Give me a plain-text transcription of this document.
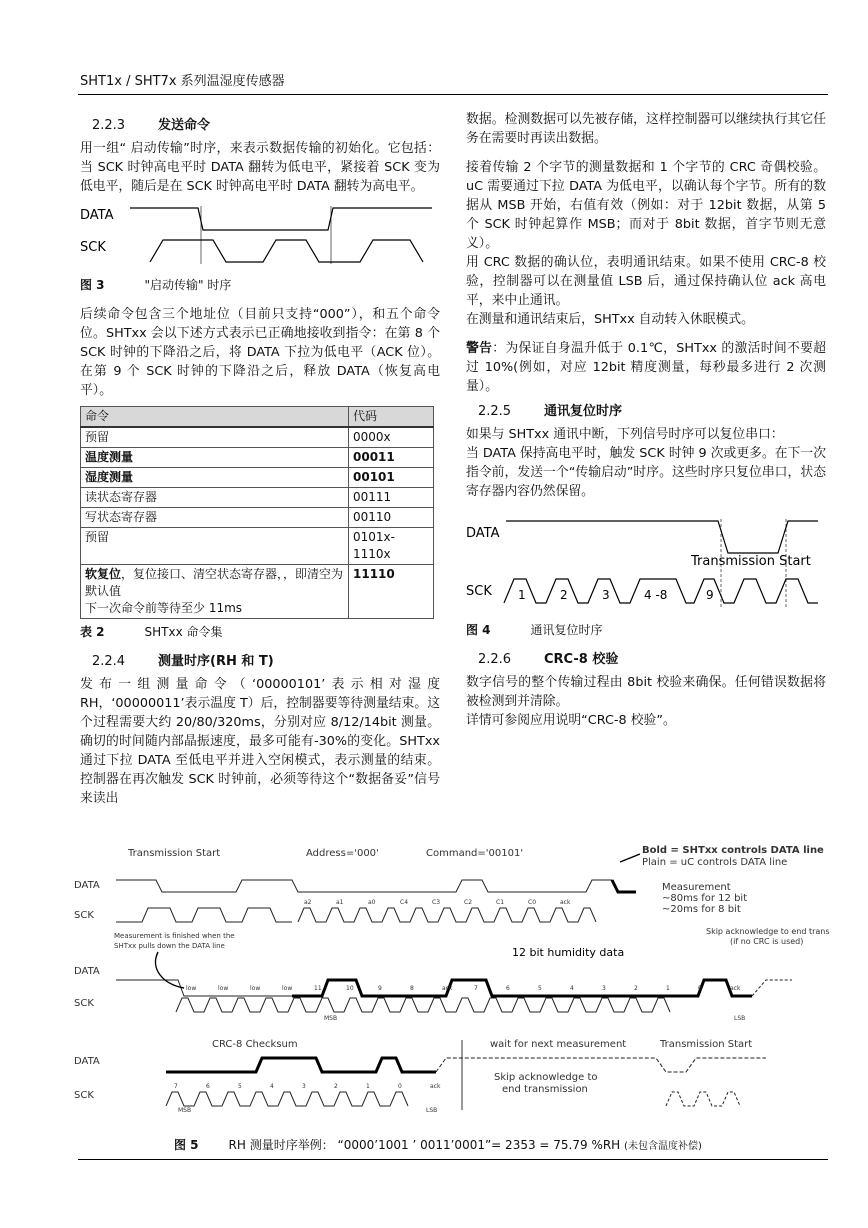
SHT1x / SHT7x 系列温湿度传感器
2.2.3	发送命令

用一组“ 启动传输”时序，来表示数据传输的初始化。它包括：当 SCK 时钟高电平时 DATA 翻转为低电平，紧接着 SCK 变为低电平，随后是在 SCK 时钟高电平时 DATA 翻转为高电平。

DATA
SCK
图 3	"启动传输" 时序

后续命令包含三个地址位（目前只支持“000”），和五个命令位。SHTxx 会以下述方式表示已正确地接收到指令：在第 8 个 SCK 时钟的下降沿之后，将 DATA 下拉为低电平（ACK 位）。在第 9 个 SCK 时钟的下降沿之后，释放 DATA（恢复高电平）。

命令	代码
预留	0000x
温度测量	00011
湿度测量	00101
读状态寄存器	00111
写状态寄存器	00110
预留	0101x-1110x
软复位，复位接口、清空状态寄存器，，即清空为默认值
下一次命令前等待至少 11ms	11110
表 2	SHTxx 命令集
2.2.4	测量时序(RH 和 T)

发布一组测量命令（‘00000101’表示相对湿度 RH，‘00000011’表示温度 T）后，控制器要等待测量结束。这个过程需要大约 20/80/320ms，分别对应 8/12/14bit 测量。确切的时间随内部晶振速度，最多可能有-30%的变化。SHTxx 通过下拉 DATA 至低电平并进入空闲模式，表示测量的结束。控制器在再次触发 SCK 时钟前，必须等待这个“数据备妥”信号来读出

数据。检测数据可以先被存储，这样控制器可以继续执行其它任务在需要时再读出数据。

接着传输 2 个字节的测量数据和 1 个字节的 CRC 奇偶校验。uC 需要通过下拉 DATA 为低电平，以确认每个字节。所有的数据从 MSB 开始，右值有效（例如：对于 12bit 数据，从第 5 个 SCK 时钟起算作 MSB；而对于 8bit 数据，首字节则无意义）。

用 CRC 数据的确认位，表明通讯结束。如果不使用 CRC-8 校验，控制器可以在测量值 LSB 后，通过保持确认位 ack 高电平，来中止通讯。

在测量和通讯结束后，SHTxx 自动转入休眠模式。

警告：为保证自身温升低于 0.1℃，SHTxx 的激活时间不要超过 10%(例如，对应 12bit 精度测量，每秒最多进行 2 次测量）。

2.2.5	通讯复位时序

如果与 SHTxx 通讯中断，下列信号时序可以复位串口：

当 DATA 保持高电平时，触发 SCK 时钟 9 次或更多。在下一次指令前，发送一个“传输启动”时序。这些时序只复位串口，状态寄存器内容仍然保留。

DATA
SCK
Transmission Start
1	2	3	4 -8	9
图 4	通讯复位时序
2.2.6	CRC-8 校验

数字信号的整个传输过程由 8bit 校验来确保。任何错误数据将被检测到并清除。

详情可参阅应用说明“CRC-8 校验”。

Transmission Start	Address='000'	Command='00101'	Bold = SHTxx controls DATA line
Plain = uC controls DATA line
Measurement
~80ms for 12 bit
~20ms for 8 bit
DATA
SCK
Measurement is finished when the
SHTxx pulls down the DATA line
Skip acknowledge to end trans
(if no CRC is used)
12 bit humidity data
DATA
SCK
MSB	LSB
CRC-8 Checksum	wait for next measurement	Transmission Start
DATA
SCK
Skip acknowledge to
end transmission
MSB	LSB
a2	a1	a0	C4	C3	C2	C1	C0	ack
low	low	low	low	11	10	9	8	ack	7	6	5	4	3	2	1	0	ack
7	6	5	4	3	2	1	0	ack
图 5	RH 测量时序举例： “0000’1001 ’ 0011’0001”= 2353 = 75.79 %RH (未包含温度补偿)
